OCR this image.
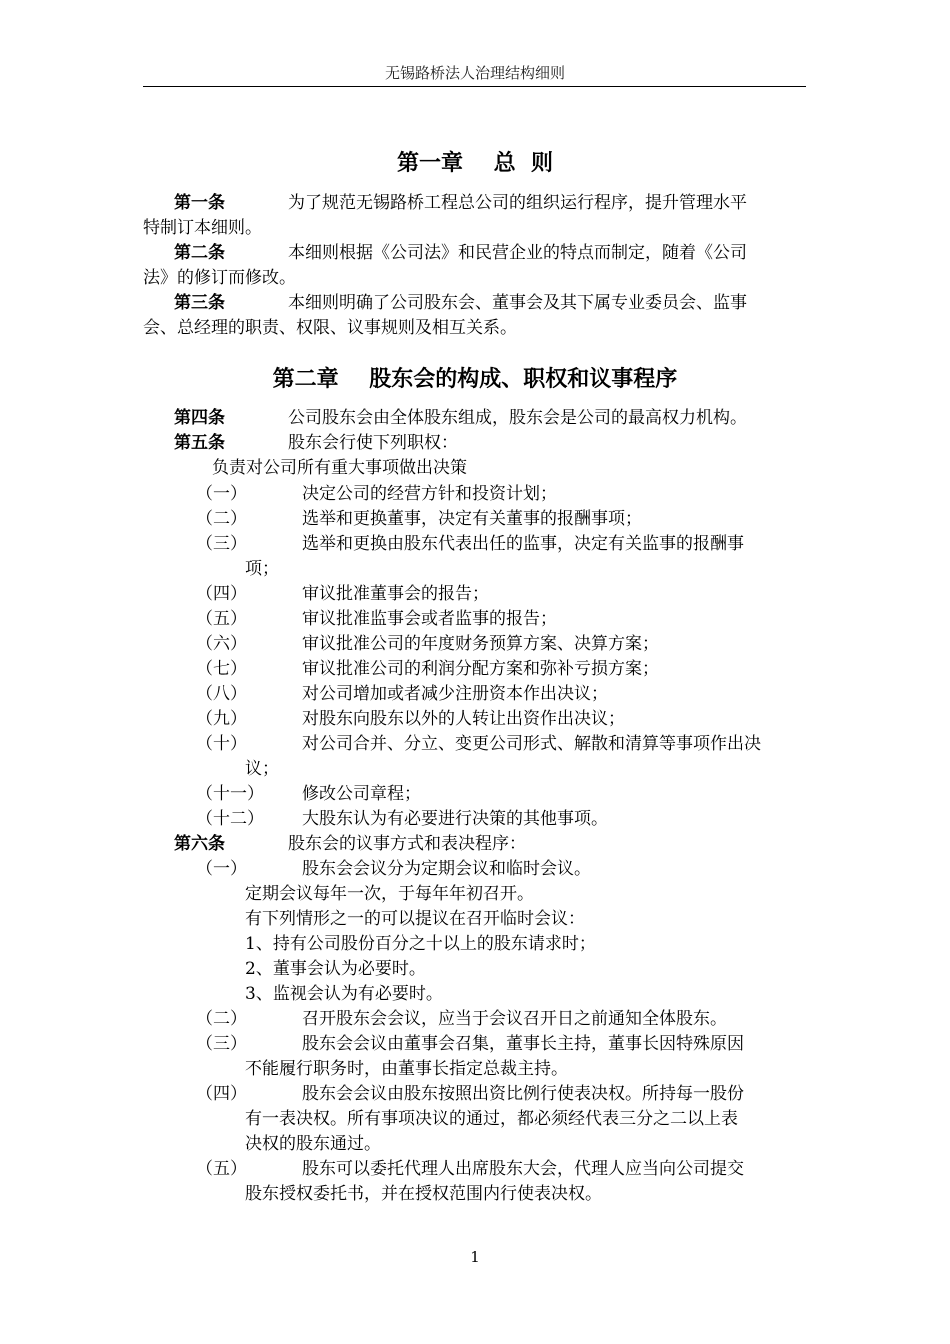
无锡路桥法人治理结构细则
第一章    总  则
第一条	为了规范无锡路桥工程总公司的组织运行程序，提升管理水平
特制订本细则。
第二条	本细则根据《公司法》和民营企业的特点而制定，随着《公司
法》的修订而修改。
第三条	本细则明确了公司股东会、董事会及其下属专业委员会、监事
会、总经理的职责、权限、议事规则及相互关系。
第二章    股东会的构成、职权和议事程序
第四条	公司股东会由全体股东组成，股东会是公司的最高权力机构。
第五条	股东会行使下列职权：
负责对公司所有重大事项做出决策
（一）	决定公司的经营方针和投资计划；
（二）	选举和更换董事，决定有关董事的报酬事项；
（三）	选举和更换由股东代表出任的监事，决定有关监事的报酬事
项；
（四）	审议批准董事会的报告；
（五）	审议批准监事会或者监事的报告；
（六）	审议批准公司的年度财务预算方案、决算方案；
（七）	审议批准公司的利润分配方案和弥补亏损方案；
（八）	对公司增加或者减少注册资本作出决议；
（九）	对股东向股东以外的人转让出资作出决议；
（十）	对公司合并、分立、变更公司形式、解散和清算等事项作出决
议；
（十一） 修改公司章程；
（十二） 大股东认为有必要进行决策的其他事项。
第六条	股东会的议事方式和表决程序：
（一）	股东会会议分为定期会议和临时会议。
定期会议每年一次，于每年年初召开。
有下列情形之一的可以提议在召开临时会议：
1、持有公司股份百分之十以上的股东请求时；
2、董事会认为必要时。
3、监视会认为有必要时。
（二）	召开股东会会议，应当于会议召开日之前通知全体股东。
（三）	股东会会议由董事会召集，董事长主持，董事长因特殊原因
不能履行职务时，由董事长指定总裁主持。
（四）	股东会会议由股东按照出资比例行使表决权。所持每一股份
有一表决权。所有事项决议的通过，都必须经代表三分之二以上表
决权的股东通过。
（五）	股东可以委托代理人出席股东大会，代理人应当向公司提交
股东授权委托书，并在授权范围内行使表决权。
1
